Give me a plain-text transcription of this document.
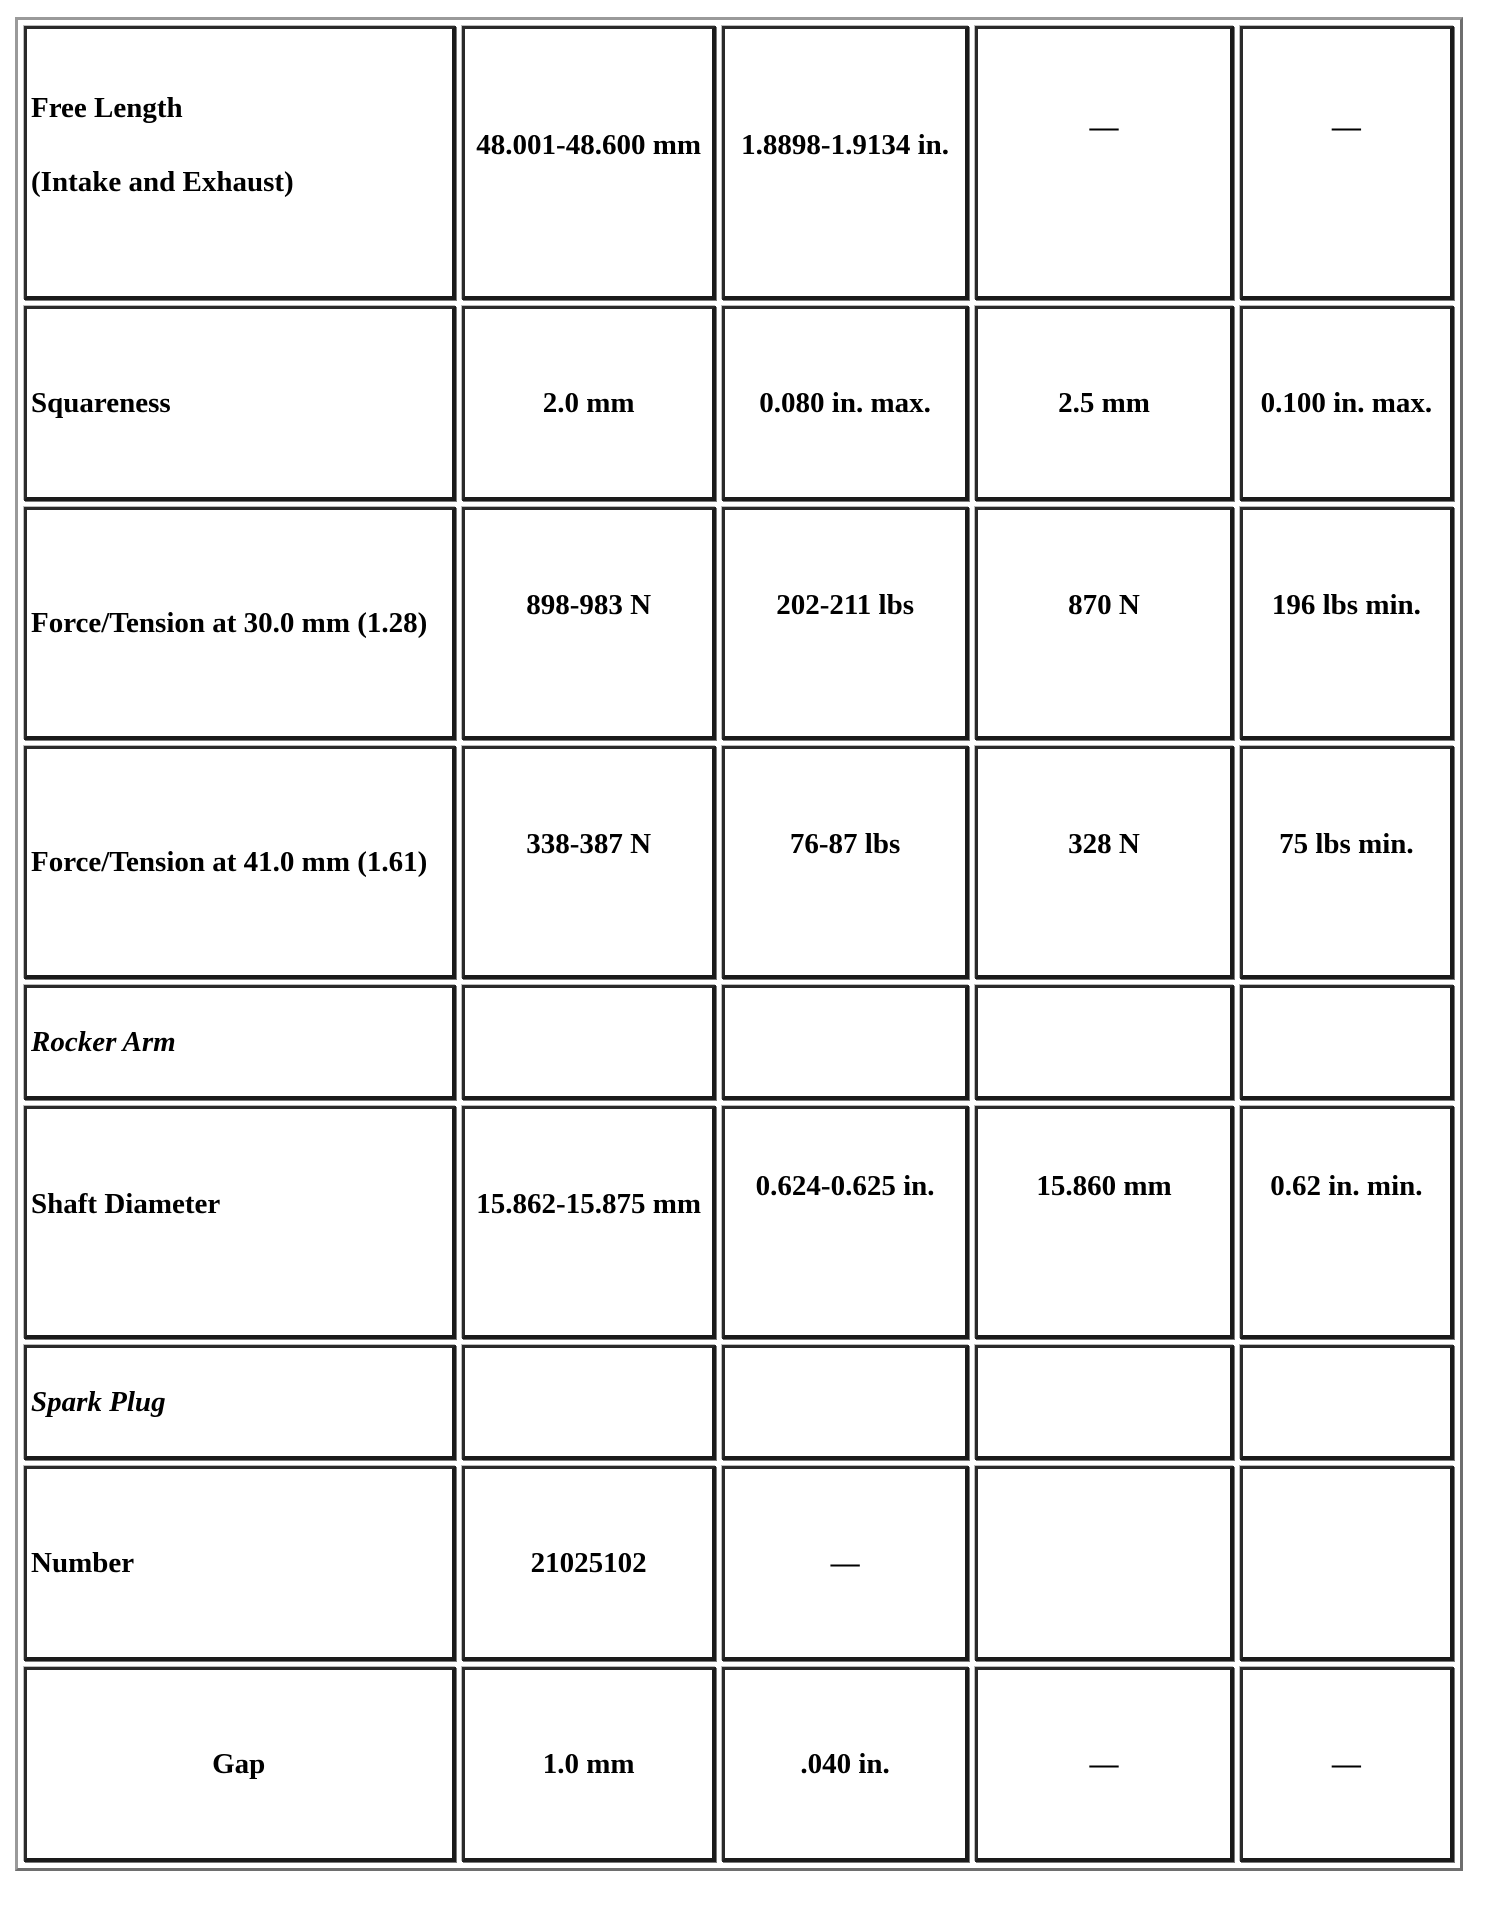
Free Length
(Intake and Exhaust)	48.001-48.600 mm	1.8898-1.9134 in.	—	—

Squareness	2.0 mm	0.080 in. max.	2.5 mm	0.100 in. max.
Force/Tension at 30.0 mm (1.28)	898-983 N	202-211 lbs	870 N	196 lbs min.

Force/Tension at 41.0 mm (1.61)	338-387 N	76-87 lbs	328 N	75 lbs min.

Rocker Arm				

Shaft Diameter	15.862-15.875 mm	0.624-0.625 in.	15.860 mm	0.62 in. min.

Spark Plug				
Number	21025102	—		
Gap	1.0 mm	.040 in.	—	—
